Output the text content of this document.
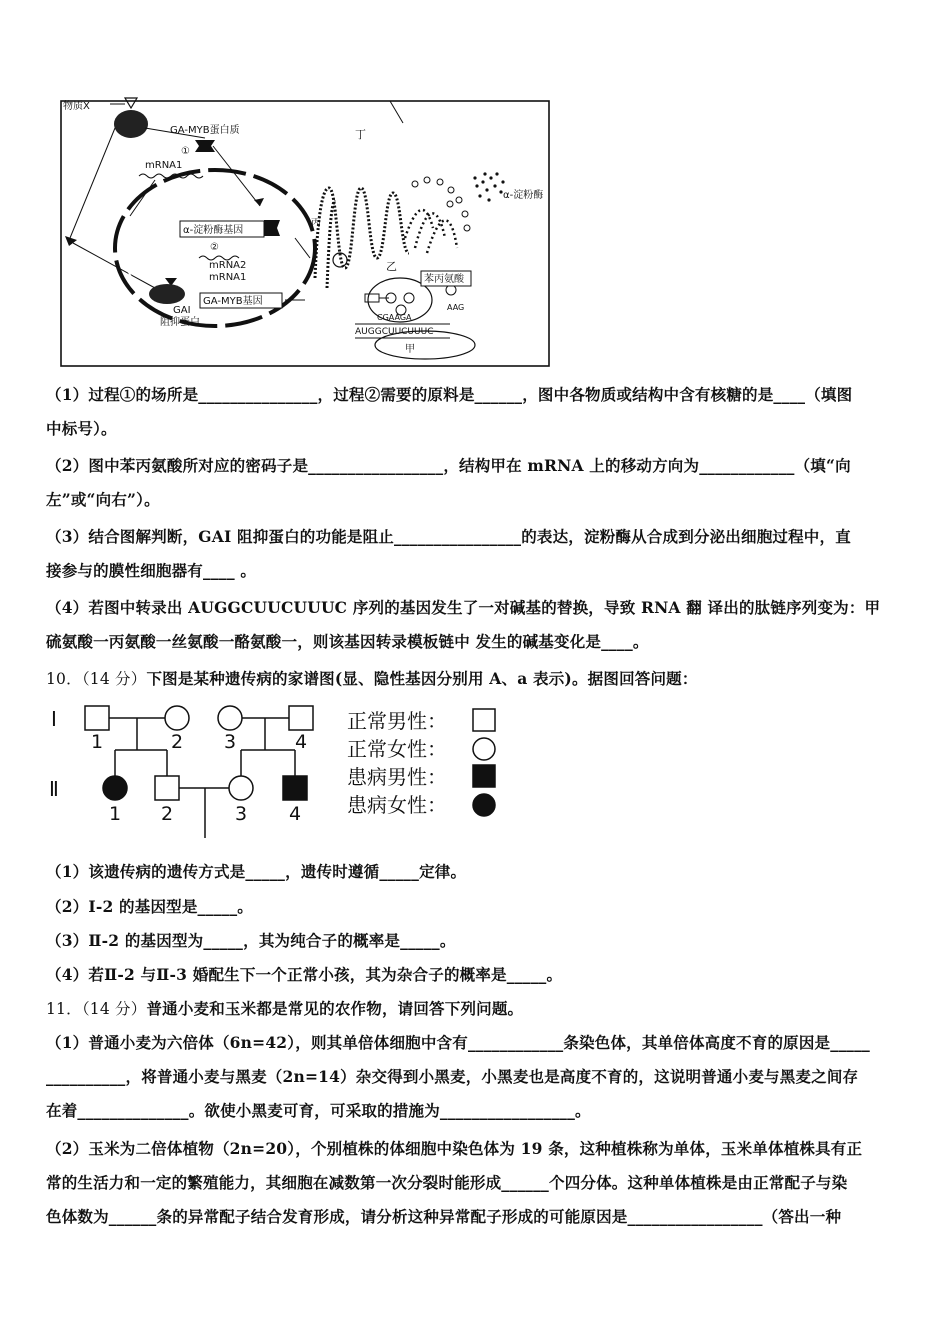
GA-MYB蛋白质
①
mRNA1
丁
α-淀粉酶基因
②
mRNA2
mRNA1
GAI
阻抑蛋白
GA-MYB基因
丙
α-淀粉酶
乙
苯丙氨酸
AAG
CGAAGA
AUGGCUUCUUUC
甲
物质X
（1）过程①的场所是_______________，过程②需要的原料是______，图中各物质或结构中含有核糖的是____（填图
中标号）。
（2）图中苯丙氨酸所对应的密码子是_________________，结构甲在 mRNA 上的移动方向为____________（填“向
左”或“向右”）。
（3）结合图解判断，GAI 阻抑蛋白的功能是阻止________________的表达，淀粉酶从合成到分泌出细胞过程中，直
接参与的膜性细胞器有____ 。
（4）若图中转录出 AUGGCUUCUUUC 序列的基因发生了一对碱基的替换，导致 RNA 翻 译出的肽链序列变为：甲
硫氨酸一丙氨酸一丝氨酸一酪氨酸一，则该基因转录模板链中 发生的碱基变化是____。
10．（14 分）下图是某种遗传病的家谱图(显、隐性基因分别用 A、a 表示)。据图回答问题：
Ⅰ
Ⅱ
1	2 3	4
1 2	3 4
正常男性：
正常女性：
患病男性：
患病女性：
（1）该遗传病的遗传方式是_____，遗传时遵循_____定律。
（2）Ⅰ-2 的基因型是_____。
（3）Ⅱ-2 的基因型为_____，其为纯合子的概率是_____。
（4）若Ⅱ-2 与Ⅱ-3 婚配生下一个正常小孩，其为杂合子的概率是_____。
11．（14 分）普通小麦和玉米都是常见的农作物，请回答下列问题。
（1）普通小麦为六倍体（6n=42），则其单倍体细胞中含有____________条染色体，其单倍体高度不育的原因是_____
__________，将普通小麦与黑麦（2n=14）杂交得到小黑麦，小黑麦也是高度不育的，这说明普通小麦与黑麦之间存
在着______________。欲使小黑麦可育，可采取的措施为_________________。
（2）玉米为二倍体植物（2n=20），个别植株的体细胞中染色体为 19 条，这种植株称为单体，玉米单体植株具有正
常的生活力和一定的繁殖能力，其细胞在减数第一次分裂时能形成______个四分体。这种单体植株是由正常配子与染
色体数为______条的异常配子结合发育形成，请分析这种异常配子形成的可能原因是_________________（答出一种
